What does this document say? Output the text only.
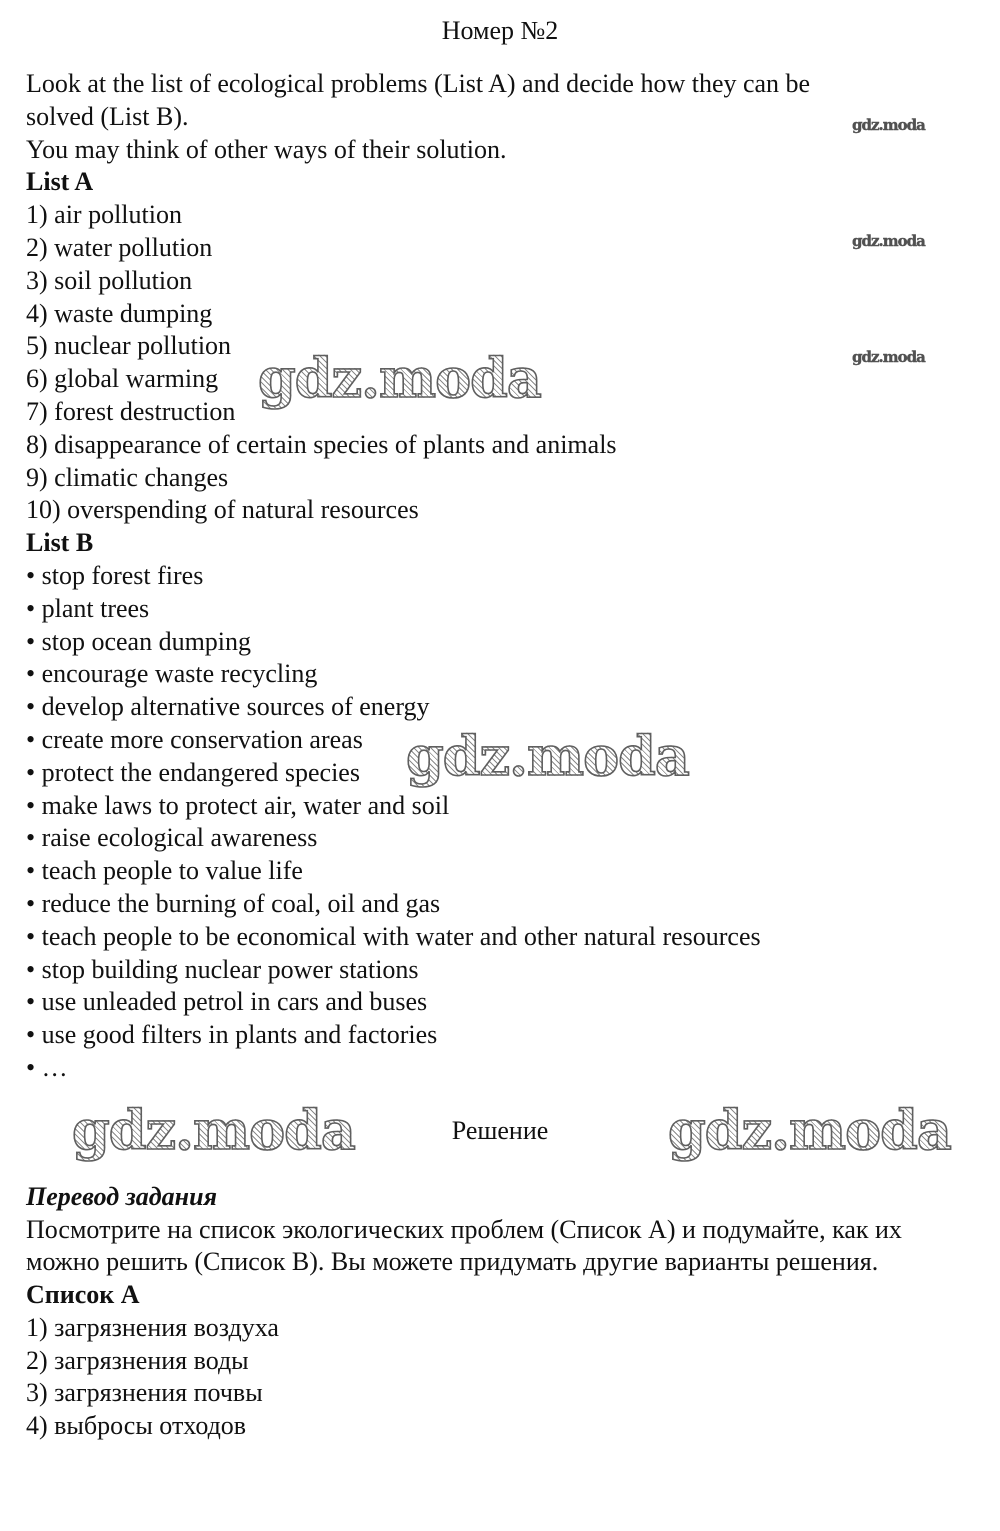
Номер №2
Look at the list of ecological problems (List A) and decide how they can be
solved (List B).
You may think of other ways of their solution.
List A
1) air pollution
2) water pollution
3) soil pollution
4) waste dumping
5) nuclear pollution
6) global warming
7) forest destruction
8) disappearance of certain species of plants and animals
9) climatic changes
10) overspending of natural resources
List B
• stop forest fires
• plant trees
• stop ocean dumping
• encourage waste recycling
• develop alternative sources of energy
• create more conservation areas
• protect the endangered species
• make laws to protect air, water and soil
• raise ecological awareness
• teach people to value life
• reduce the burning of coal, oil and gas
• teach people to be economical with water and other natural resources
• stop building nuclear power stations
• use unleaded petrol in cars and buses
• use good filters in plants and factories
• …
Решение
Перевод задания
Посмотрите на список экологических проблем (Список А) и подумайте, как их можно решить (Список В). Вы можете придумать другие варианты решения.
Список А
1) загрязнения воздуха
2) загрязнения воды
3) загрязнения почвы
4) выбросы отходов
gdz.moda
gdz.moda
gdz.moda
gdz.moda
gdz.moda
gdz.moda	gdz.moda
